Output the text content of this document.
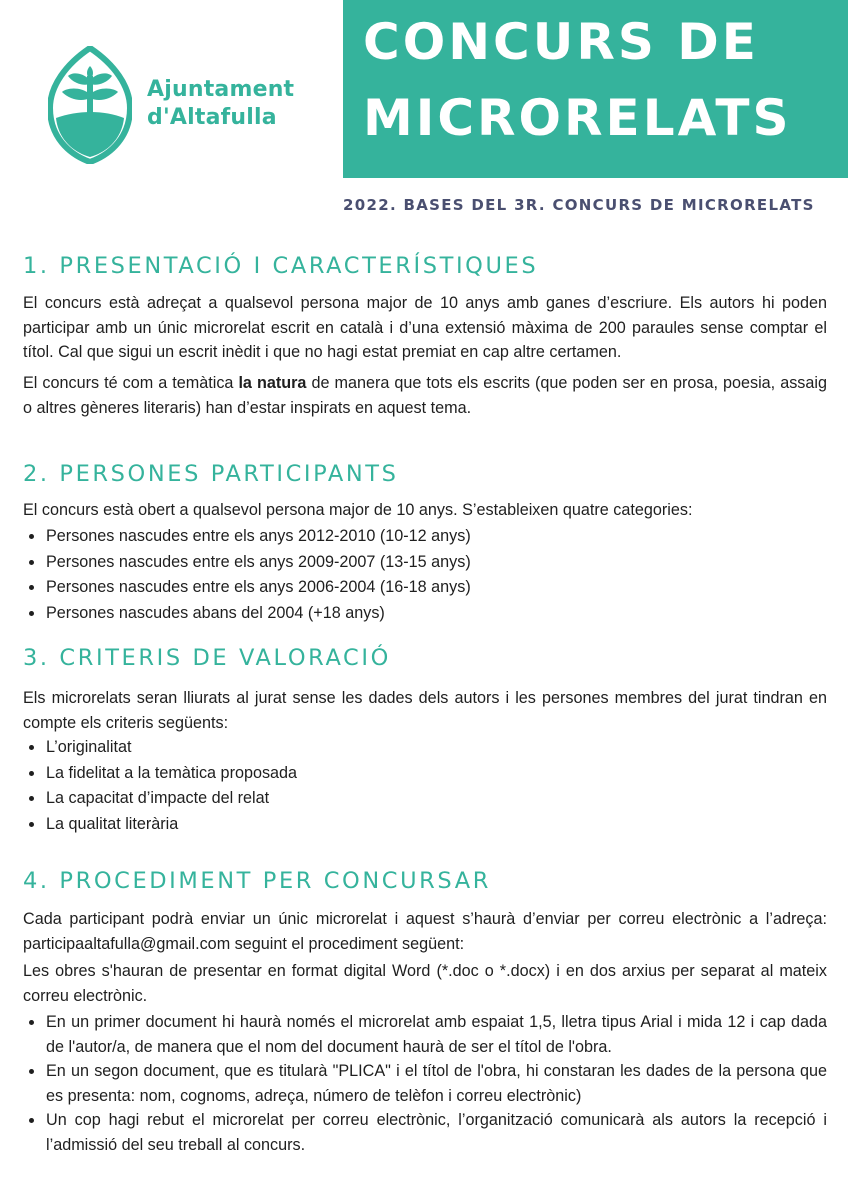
Ajuntament
d'Altafulla
CONCURS DE
MICRORELATS
2022. BASES DEL 3R. CONCURS DE MICRORELATS
1. PRESENTACIÓ I CARACTERÍSTIQUES
El concurs està adreçat a qualsevol persona major de 10 anys amb ganes d’escriure. Els autors hi poden participar amb un únic microrelat escrit en català i d’una extensió màxima de 200 paraules sense comptar el títol. Cal que sigui un escrit inèdit i que no hagi estat premiat en cap altre certamen.
El concurs té com a temàtica la natura de manera que tots els escrits (que poden ser en prosa, poesia, assaig o altres gèneres literaris) han d’estar inspirats en aquest tema.
2. PERSONES PARTICIPANTS
El concurs està obert a qualsevol persona major de 10 anys. S’estableixen quatre categories:
Persones nascudes entre els anys 2012-2010 (10-12 anys)
Persones nascudes entre els anys 2009-2007 (13-15 anys)
Persones nascudes entre els anys 2006-2004 (16-18 anys)
Persones nascudes abans del 2004 (+18 anys)
3. CRITERIS DE VALORACIÓ
Els microrelats seran lliurats al jurat sense les dades dels autors i les persones membres del jurat tindran en compte els criteris següents:
L’originalitat
La fidelitat a la temàtica proposada
La capacitat d’impacte del relat
La qualitat literària
4. PROCEDIMENT PER CONCURSAR
Cada participant podrà enviar un únic microrelat i aquest s’haurà d’enviar per correu electrònic a l’adreça: participaaltafulla@gmail.com seguint el procediment següent:
Les obres s'hauran de presentar en format digital Word (*.doc o *.docx) i en dos arxius per separat al mateix correu electrònic.
En un primer document hi haurà només el microrelat amb espaiat 1,5, lletra tipus Arial i mida 12 i cap dada de l'autor/a, de manera que el nom del document haurà de ser el títol de l'obra.
En un segon document, que es titularà "PLICA" i el títol de l'obra, hi constaran les dades de la persona que es presenta: nom, cognoms, adreça, número de telèfon i correu electrònic)
Un cop hagi rebut el microrelat per correu electrònic, l’organització comunicarà als autors la recepció i l’admissió del seu treball al concurs.
